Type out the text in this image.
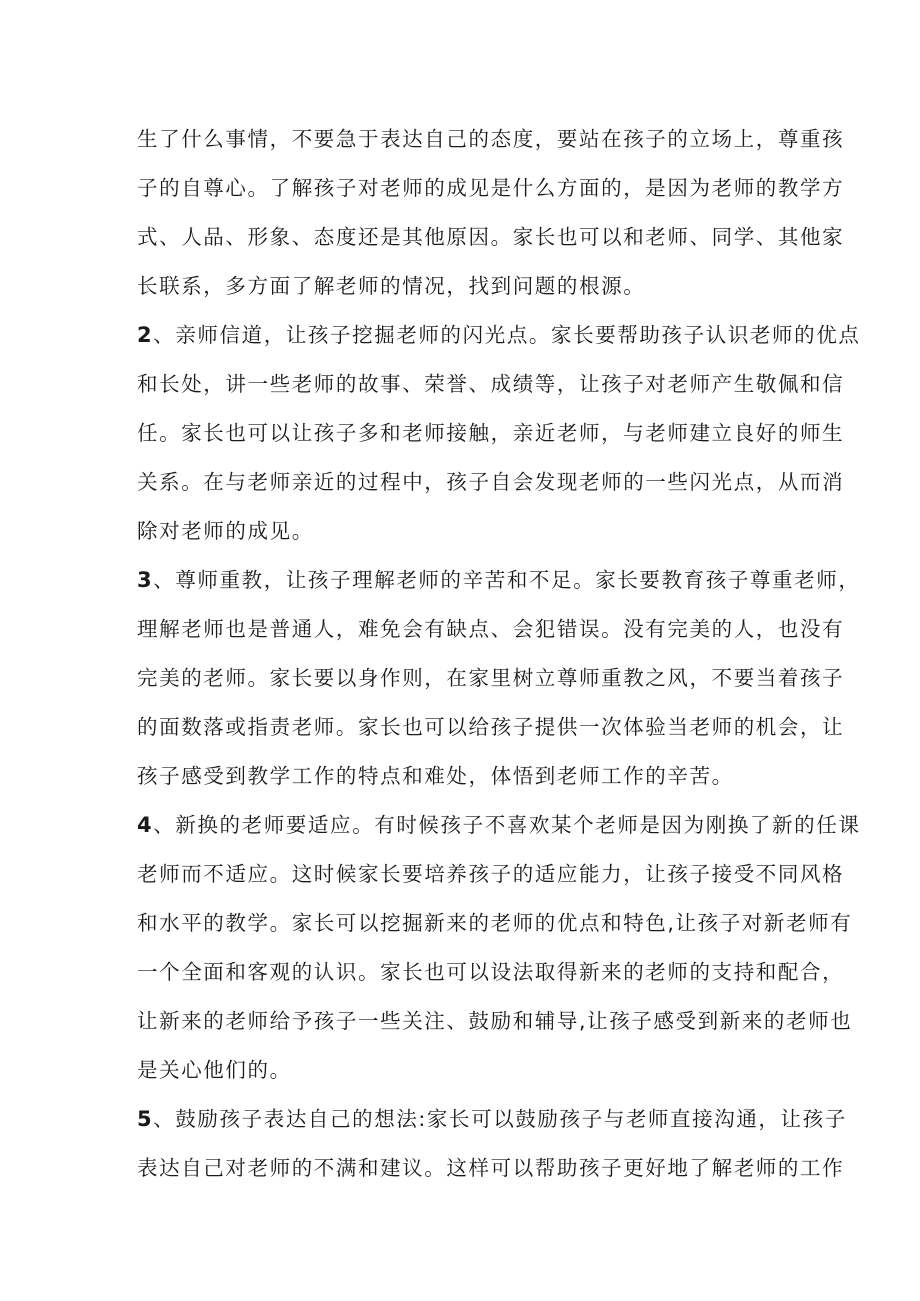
生了什么事情，不要急于表达自己的态度，要站在孩子的立场上，尊重孩
子的自尊心。了解孩子对老师的成见是什么方面的，是因为老师的教学方
式、人品、形象、态度还是其他原因。家长也可以和老师、同学、其他家
长联系，多方面了解老师的情况，找到问题的根源。
2、亲师信道，让孩子挖掘老师的闪光点。家长要帮助孩子认识老师的优点
和长处，讲一些老师的故事、荣誉、成绩等，让孩子对老师产生敬佩和信
任。家长也可以让孩子多和老师接触，亲近老师，与老师建立良好的师生
关系。在与老师亲近的过程中，孩子自会发现老师的一些闪光点，从而消
除对老师的成见。
3、尊师重教，让孩子理解老师的辛苦和不足。家长要教育孩子尊重老师，
理解老师也是普通人，难免会有缺点、会犯错误。没有完美的人，也没有
完美的老师。家长要以身作则，在家里树立尊师重教之风，不要当着孩子
的面数落或指责老师。家长也可以给孩子提供一次体验当老师的机会，让
孩子感受到教学工作的特点和难处，体悟到老师工作的辛苦。
4、新换的老师要适应。有时候孩子不喜欢某个老师是因为刚换了新的任课
老师而不适应。这时候家长要培养孩子的适应能力，让孩子接受不同风格
和水平的教学。家长可以挖掘新来的老师的优点和特色,让孩子对新老师有
一个全面和客观的认识。家长也可以设法取得新来的老师的支持和配合，
让新来的老师给予孩子一些关注、鼓励和辅导,让孩子感受到新来的老师也
是关心他们的。
5、鼓励孩子表达自己的想法:家长可以鼓励孩子与老师直接沟通，让孩子
表达自己对老师的不满和建议。这样可以帮助孩子更好地了解老师的工作
